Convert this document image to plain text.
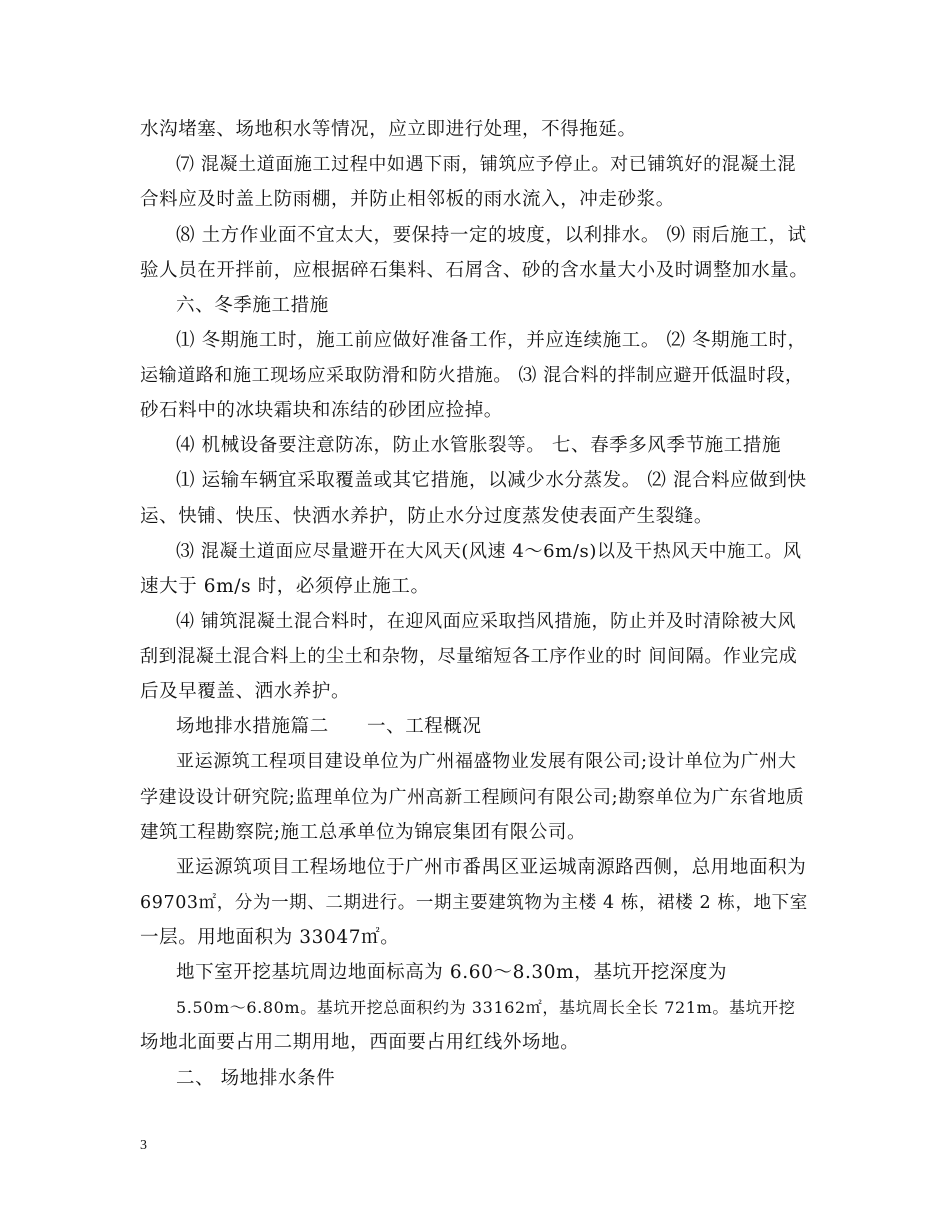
水沟堵塞、场地积水等情况，应立即进行处理，不得拖延。
⑺ 混凝土道面施工过程中如遇下雨，铺筑应予停止。对已铺筑好的混凝土混
合料应及时盖上防雨棚，并防止相邻板的雨水流入，冲走砂浆。
⑻ 土方作业面不宜太大，要保持一定的坡度，以利排水。 ⑼ 雨后施工，试
验人员在开拌前，应根据碎石集料、石屑含、砂的含水量大小及时调整加水量。
六、冬季施工措施
⑴ 冬期施工时，施工前应做好准备工作，并应连续施工。 ⑵ 冬期施工时，
运输道路和施工现场应采取防滑和防火措施。 ⑶ 混合料的拌制应避开低温时段，
砂石料中的冰块霜块和冻结的砂团应捡掉。
⑷ 机械设备要注意防冻，防止水管胀裂等。 七、春季多风季节施工措施
⑴ 运输车辆宜采取覆盖或其它措施，以减少水分蒸发。 ⑵ 混合料应做到快
运、快铺、快压、快洒水养护，防止水分过度蒸发使表面产生裂缝。
⑶ 混凝土道面应尽量避开在大风天(风速 4～6m/s)以及干热风天中施工。风
速大于 6m/s 时，必须停止施工。
⑷ 铺筑混凝土混合料时，在迎风面应采取挡风措施，防止并及时清除被大风
刮到混凝土混合料上的尘土和杂物，尽量缩短各工序作业的时 间间隔。作业完成
后及早覆盖、洒水养护。
场地排水措施篇二　　一、工程概况
亚运源筑工程项目建设单位为广州福盛物业发展有限公司;设计单位为广州大
学建设设计研究院;监理单位为广州高新工程顾问有限公司;勘察单位为广东省地质
建筑工程勘察院;施工总承单位为锦宸集团有限公司。
亚运源筑项目工程场地位于广州市番禺区亚运城南源路西侧，总用地面积为
69703㎡，分为一期、二期进行。一期主要建筑物为主楼 4 栋，裙楼 2 栋，地下室
一层。用地面积为 33047㎡。
地下室开挖基坑周边地面标高为 6.60～8.30m，基坑开挖深度为
5.50m～6.80m。基坑开挖总面积约为 33162㎡，基坑周长全长 721m。基坑开挖
场地北面要占用二期用地，西面要占用红线外场地。
二、 场地排水条件
3
